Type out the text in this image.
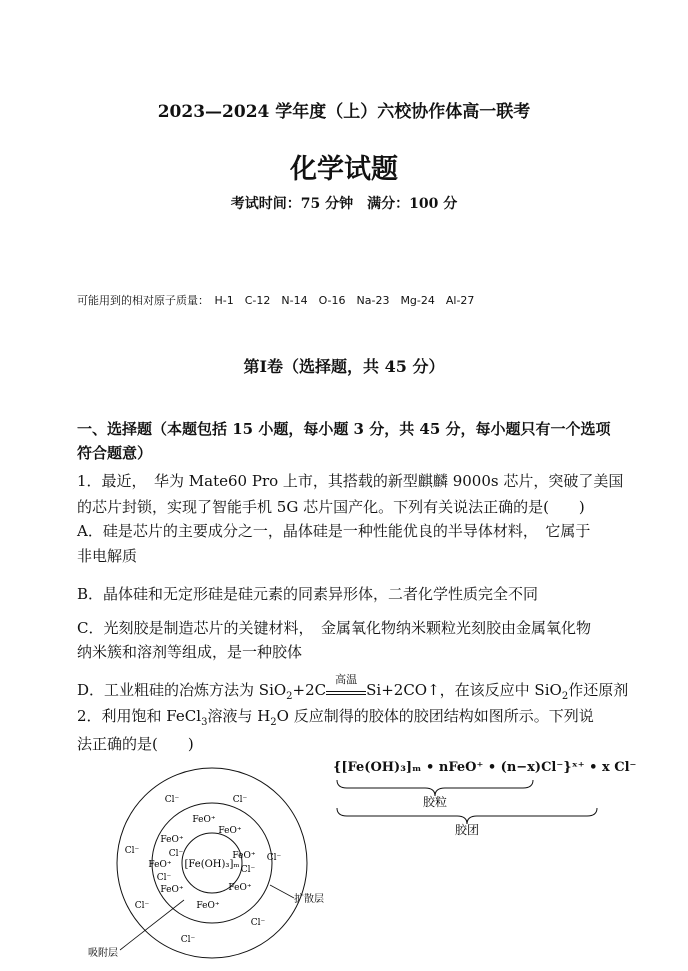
2023—2024 学年度（上）六校协作体高一联考
化学试题
考试时间：75 分钟　满分：100 分
可能用到的相对原子质量：　H-1　C-12　N-14　O-16　Na-23　Mg-24　Al-27
第Ⅰ卷（选择题，共 45 分）
一、选择题（本题包括 15 小题，每小题 3 分，共 45 分，每小题只有一个选项符合题意）
1．最近，　华为 Mate60 Pro 上市，其搭载的新型麒麟 9000s 芯片，突破了美国
的芯片封锁，实现了智能手机 5G 芯片国产化。下列有关说法正确的是(　　)
A．硅是芯片的主要成分之一，晶体硅是一种性能优良的半导体材料，　它属于
非电解质
B．晶体硅和无定形硅是硅元素的同素异形体，二者化学性质完全不同
C．光刻胶是制造芯片的关键材料，　金属氧化物纳米颗粒光刻胶由金属氧化物
纳米簇和溶剂等组成，是一种胶体
D．工业粗硅的冶炼方法为 SiO$_2$+2C
高温
Si+2CO↑，在该反应中 SiO$_2$作还原剂
2．利用饱和 FeCl$_3$溶液与 $H_2O$ 反应制得的胶体的胶团结构如图所示。下列说
法正确的是(　　)
{[Fe(OH)₃]ₘ • nFeO⁺ • (n−x)Cl⁻}ˣ⁺ • x Cl⁻
胶粒
胶团
[Fe(OH)₃]ₘ
FeO⁺
FeO⁺
FeO⁺
FeO⁺
FeO⁺
FeO⁺	FeO⁺
FeO⁺
Cl⁻
Cl⁻
Cl⁻
Cl⁻	Cl⁻
Cl⁻
Cl⁻
Cl⁻
Cl⁻
Cl⁻
吸附层
扩散层
